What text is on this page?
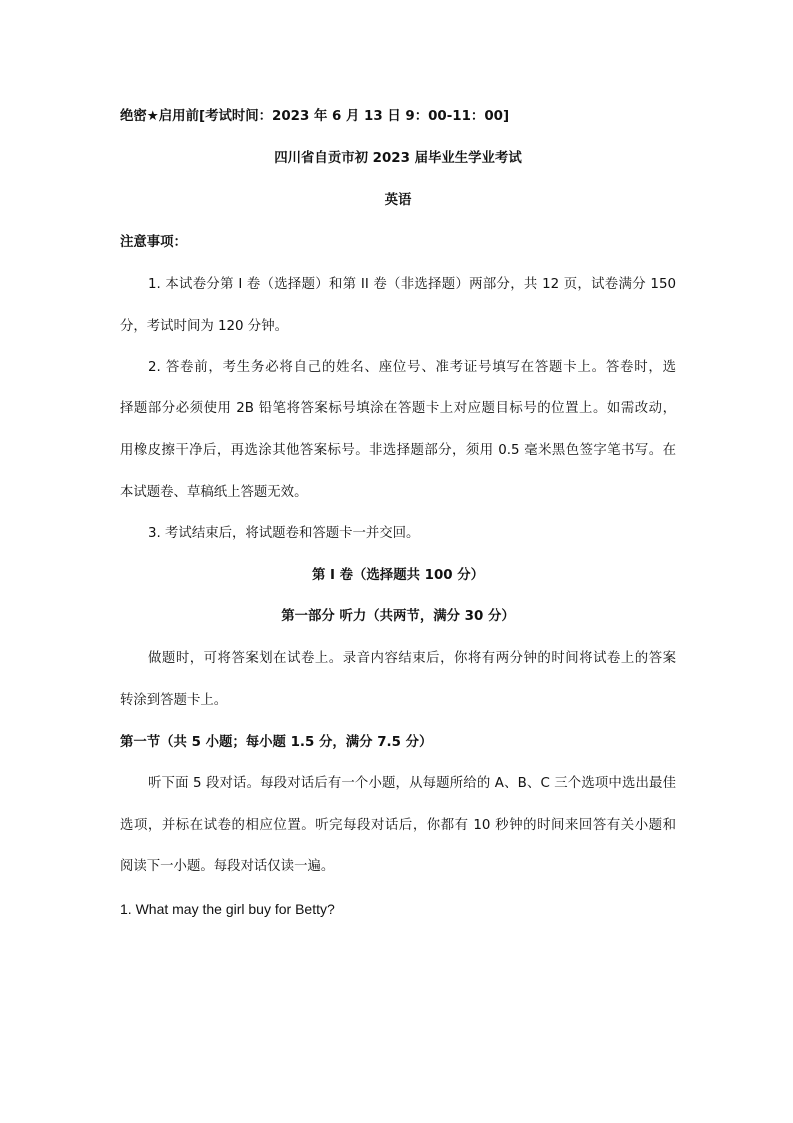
绝密★启用前[考试时间：2023 年 6 月 13 日 9：00-11：00]
四川省自贡市初 2023 届毕业生学业考试
英语
注意事项：
1. 本试卷分第 I 卷（选择题）和第 II 卷（非选择题）两部分，共 12 页，试卷满分 150
分，考试时间为 120 分钟。
2. 答卷前，考生务必将自己的姓名、座位号、准考证号填写在答题卡上。答卷时，选
择题部分必须使用 2B 铅笔将答案标号填涂在答题卡上对应题目标号的位置上。如需改动，
用橡皮擦干净后，再选涂其他答案标号。非选择题部分，须用 0.5 毫米黑色签字笔书写。在
本试题卷、草稿纸上答题无效。
3. 考试结束后，将试题卷和答题卡一并交回。
第 I 卷（选择题共 100 分）
第一部分 听力（共两节，满分 30 分）
做题时，可将答案划在试卷上。录音内容结束后，你将有两分钟的时间将试卷上的答案
转涂到答题卡上。
第一节（共 5 小题；每小题 1.5 分，满分 7.5 分）
听下面 5 段对话。每段对话后有一个小题，从每题所给的 A、B、C 三个选项中选出最佳
选项，并标在试卷的相应位置。听完每段对话后，你都有 10 秒钟的时间来回答有关小题和
阅读下一小题。每段对话仅读一遍。
1. What may the girl buy for Betty?
